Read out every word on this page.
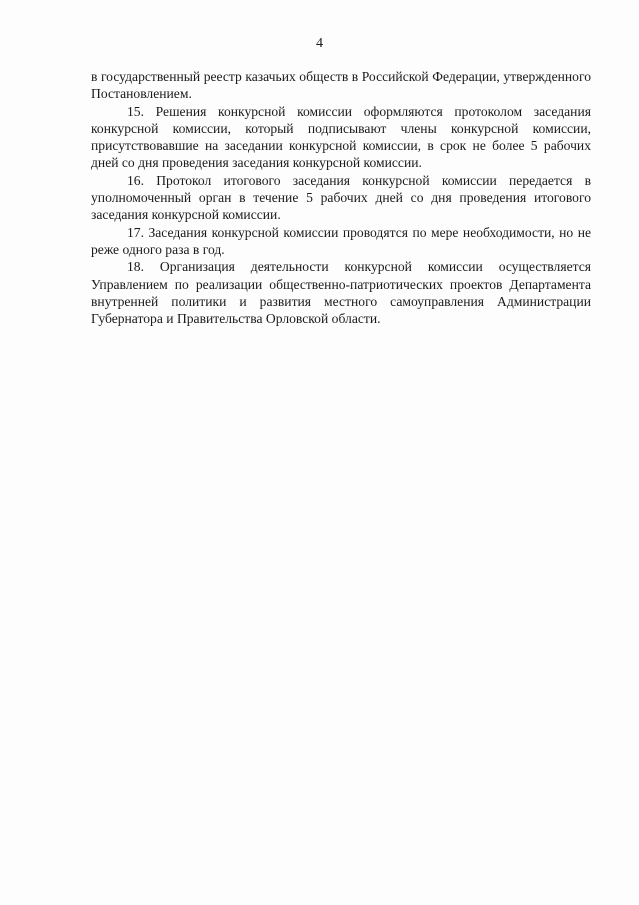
4

в государственный реестр казачьих обществ в Российской Федерации, утвержденного Постановлением.

15. Решения конкурсной комиссии оформляются протоколом заседания конкурсной комиссии, который подписывают члены конкурсной комиссии, присутствовавшие на заседании конкурсной комиссии, в срок не более 5 рабочих дней со дня проведения заседания конкурсной комиссии.

16. Протокол итогового заседания конкурсной комиссии передается в уполномоченный орган в течение 5 рабочих дней со дня проведения итогового заседания конкурсной комиссии.

17. Заседания конкурсной комиссии проводятся по мере необходимости, но не реже одного раза в год.

18. Организация деятельности конкурсной комиссии осуществляется Управлением по реализации общественно-патриотических проектов Департамента внутренней политики и развития местного самоуправления Администрации Губернатора и Правительства Орловской области.
